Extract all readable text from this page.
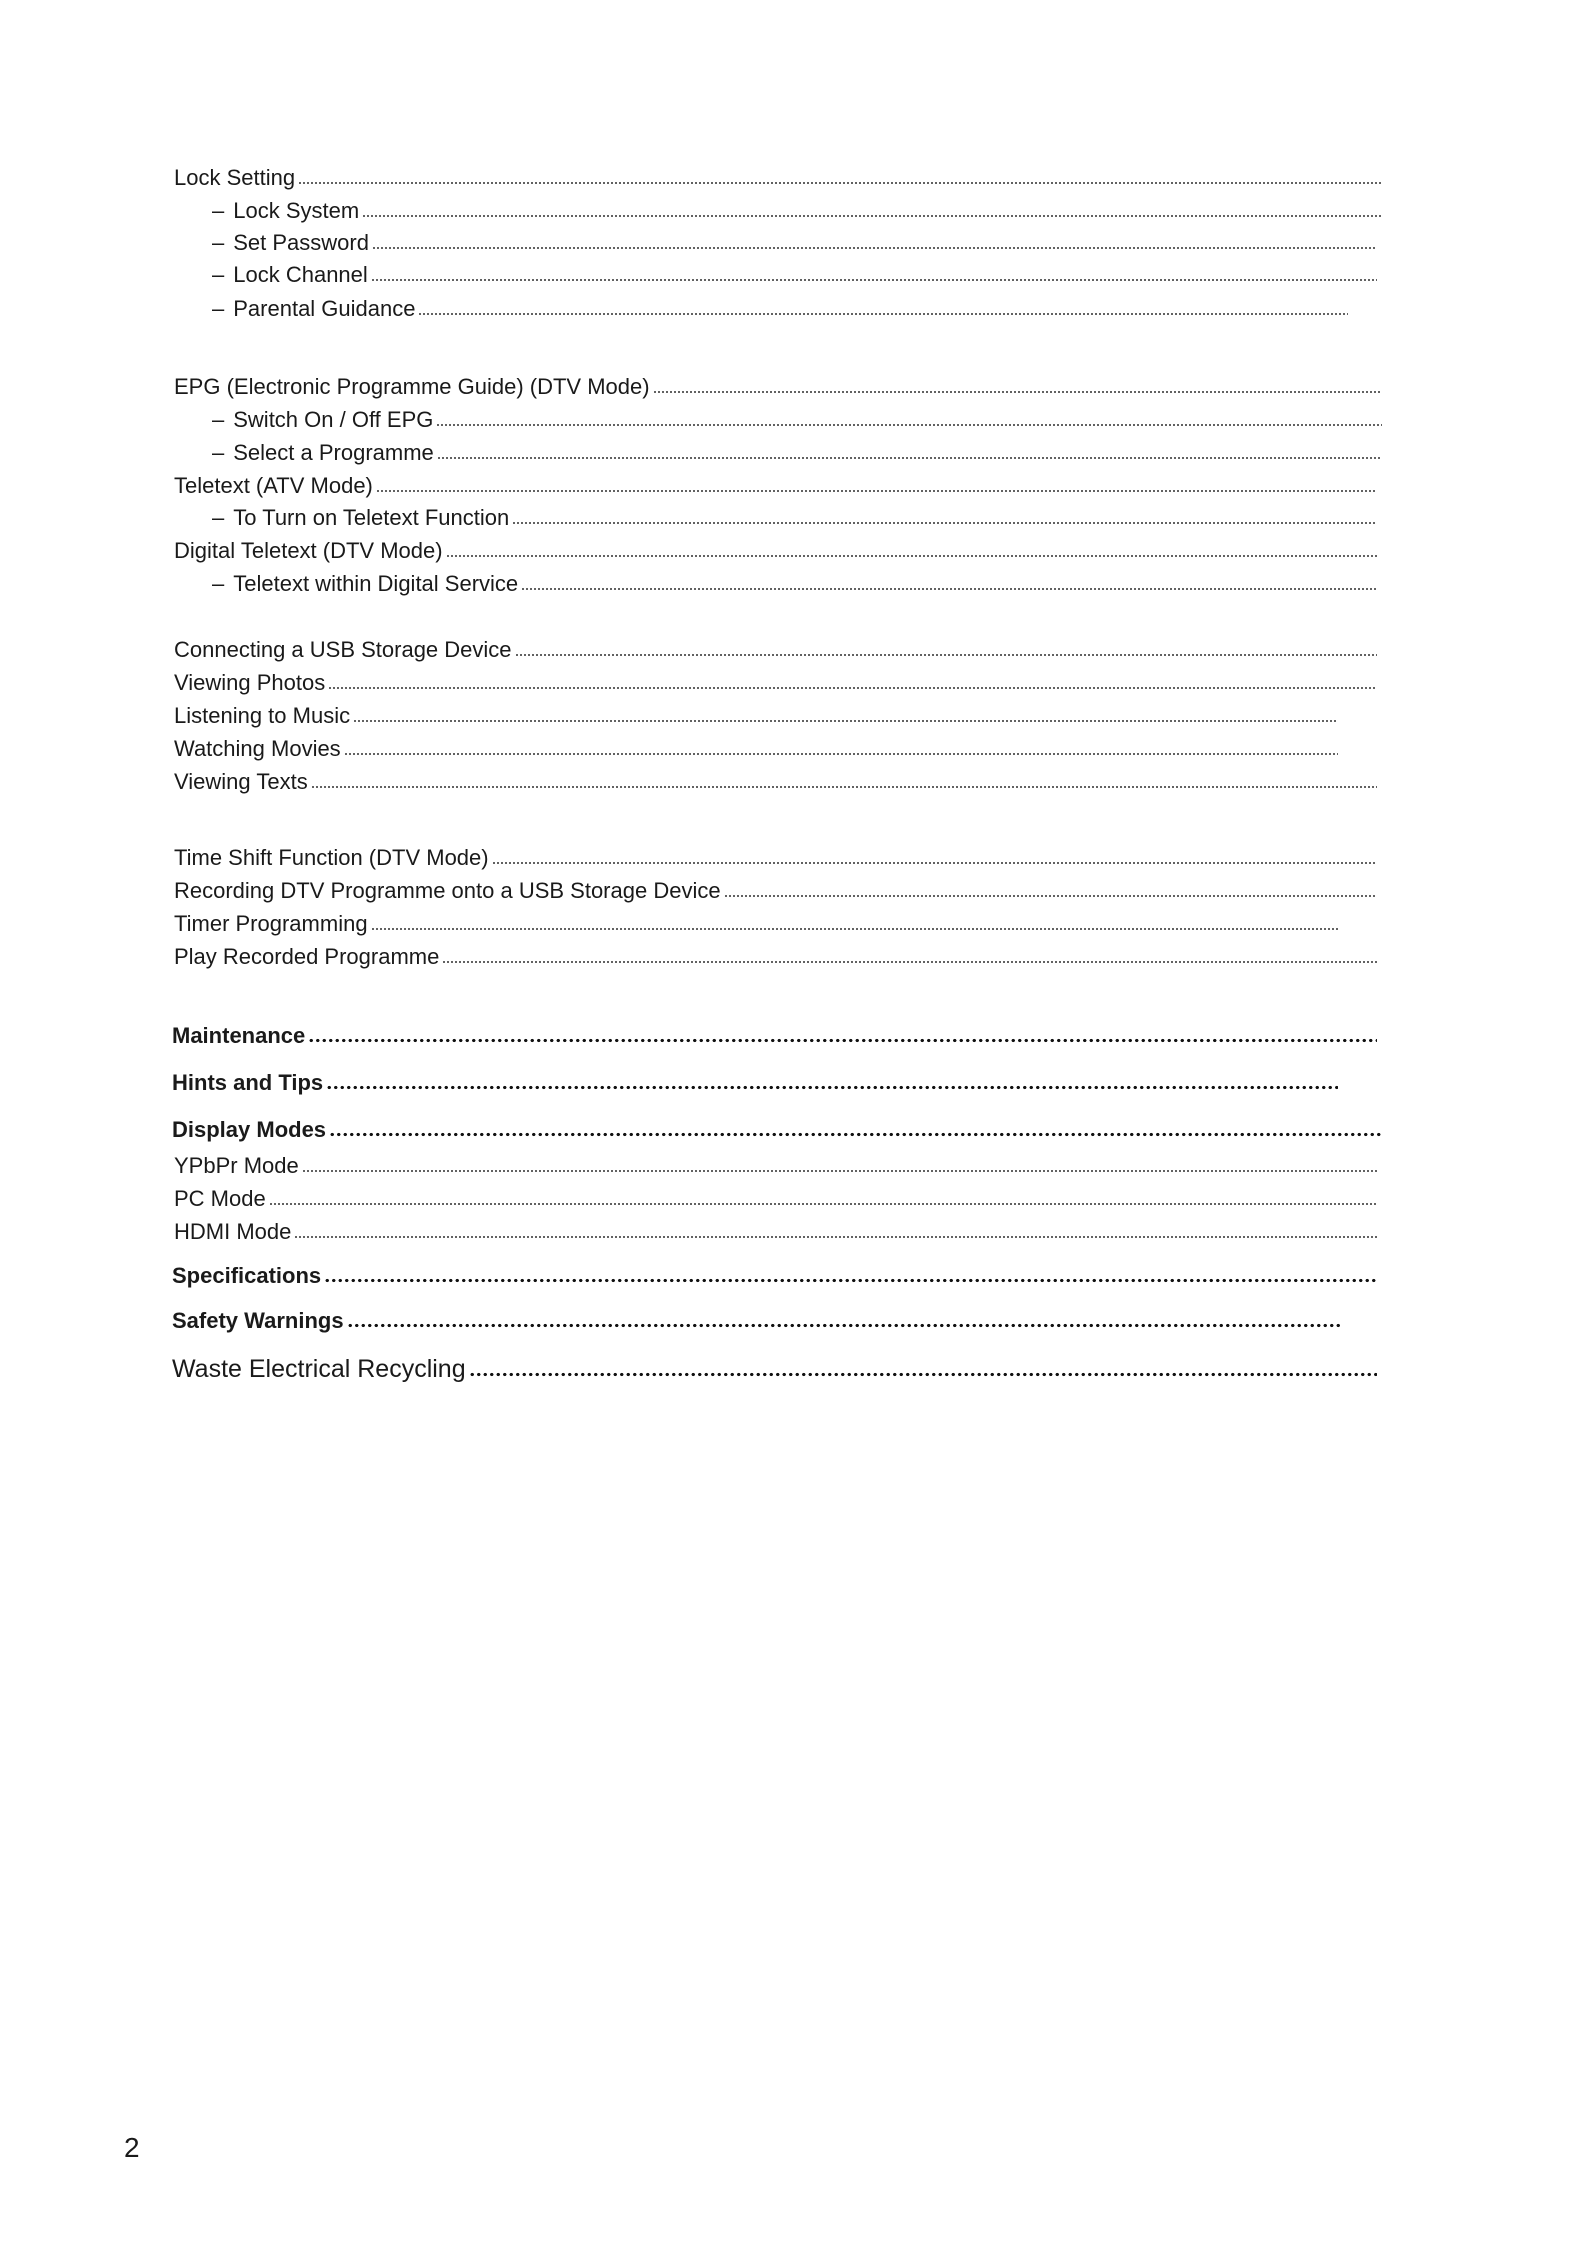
Lock Setting
– Lock System
– Set Password
– Lock Channel
– Parental Guidance
EPG (Electronic Programme Guide) (DTV Mode)
– Switch On / Off EPG
– Select a Programme
Teletext (ATV Mode)
– To Turn on Teletext Function
Digital Teletext (DTV Mode)
– Teletext within Digital Service
Connecting a USB Storage Device
Viewing Photos
Listening to Music
Watching Movies
Viewing Texts
Time Shift Function (DTV Mode)
Recording DTV Programme onto a USB Storage Device
Timer Programming
Play Recorded Programme
Maintenance
Hints and Tips
Display Modes
YPbPr Mode
PC Mode
HDMI Mode
Specifications
Safety Warnings
Waste Electrical Recycling
2
